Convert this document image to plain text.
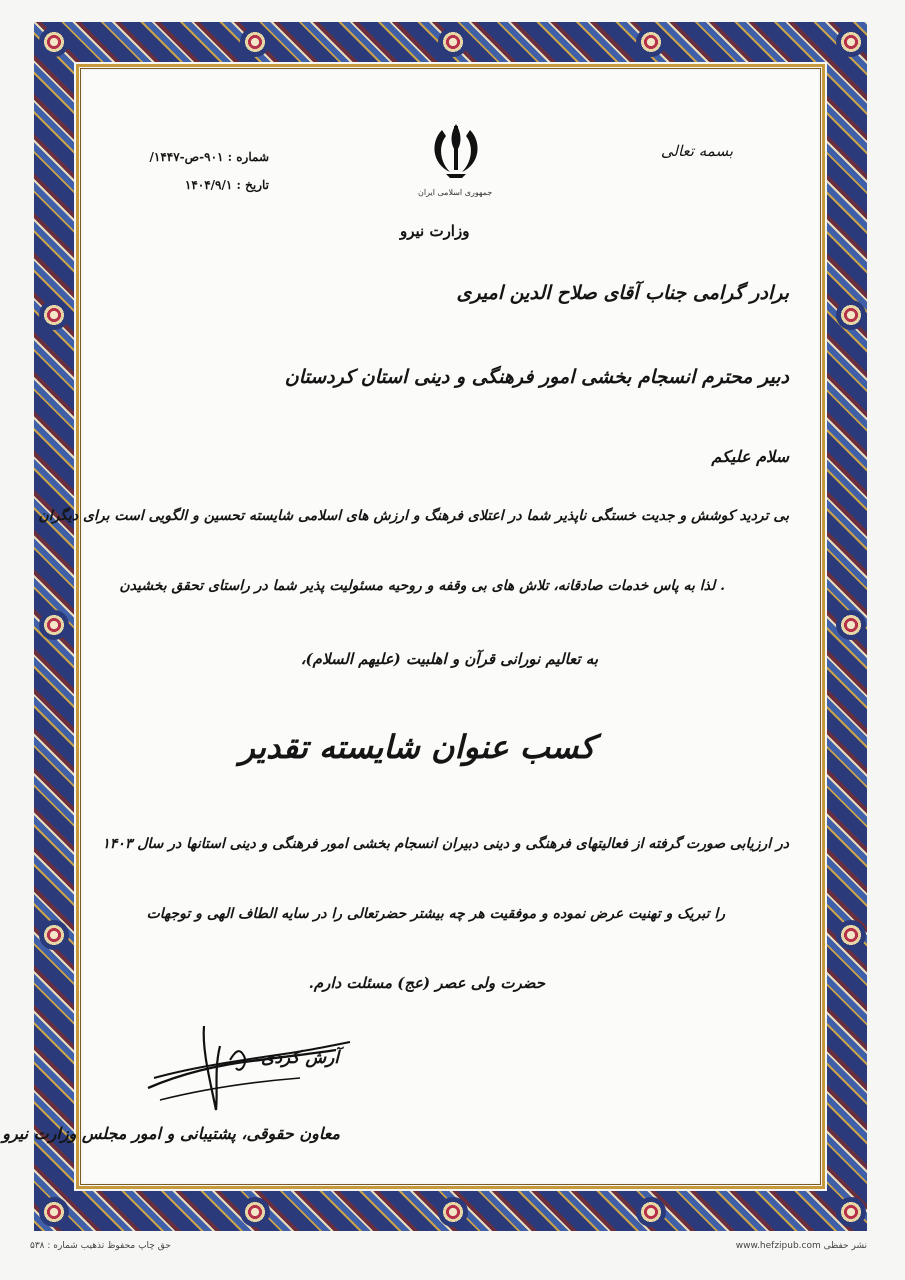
بسمه تعالی
جمهوری اسلامی ایران
وزارت نیرو
شماره : ۹۰۱-ص-۱۴۴۷/
تاریخ : ۱۴۰۴/۹/۱
برادر گرامی جناب آقای صلاح الدین امیری
دبیر محترم انسجام بخشی امور فرهنگی و دینی استان کردستان
سلام علیکم
بی تردید کوشش و جدیت خستگی ناپذیر شما در اعتلای فرهنگ و ارزش های اسلامی شایسته تحسین و الگویی است برای دیگران
. لذا به پاس خدمات صادقانه، تلاش های بی وقفه و روحیه مسئولیت پذیر شما در راستای تحقق بخشیدن
به تعالیم نورانی قرآن و اهلبیت (علیهم السلام)،
کسب عنوان شایسته تقدیر
در ارزیابی صورت گرفته از فعالیتهای فرهنگی و دینی دبیران انسجام بخشی امور فرهنگی و دینی استانها در سال ۱۴۰۳
را تبریک و تهنیت عرض نموده و موفقیت هر چه بیشتر حضرتعالی را در سایه الطاف الهی و توجهات
حضرت ولی عصر (عج) مسئلت دارم.
آرش کردی
معاون حقوقی، پشتیبانی و امور مجلس وزارت نیرو
حق چاپ محفوظ تذهیب شماره : ۵۳۸	www.hefzipub.com نشر حفظی
